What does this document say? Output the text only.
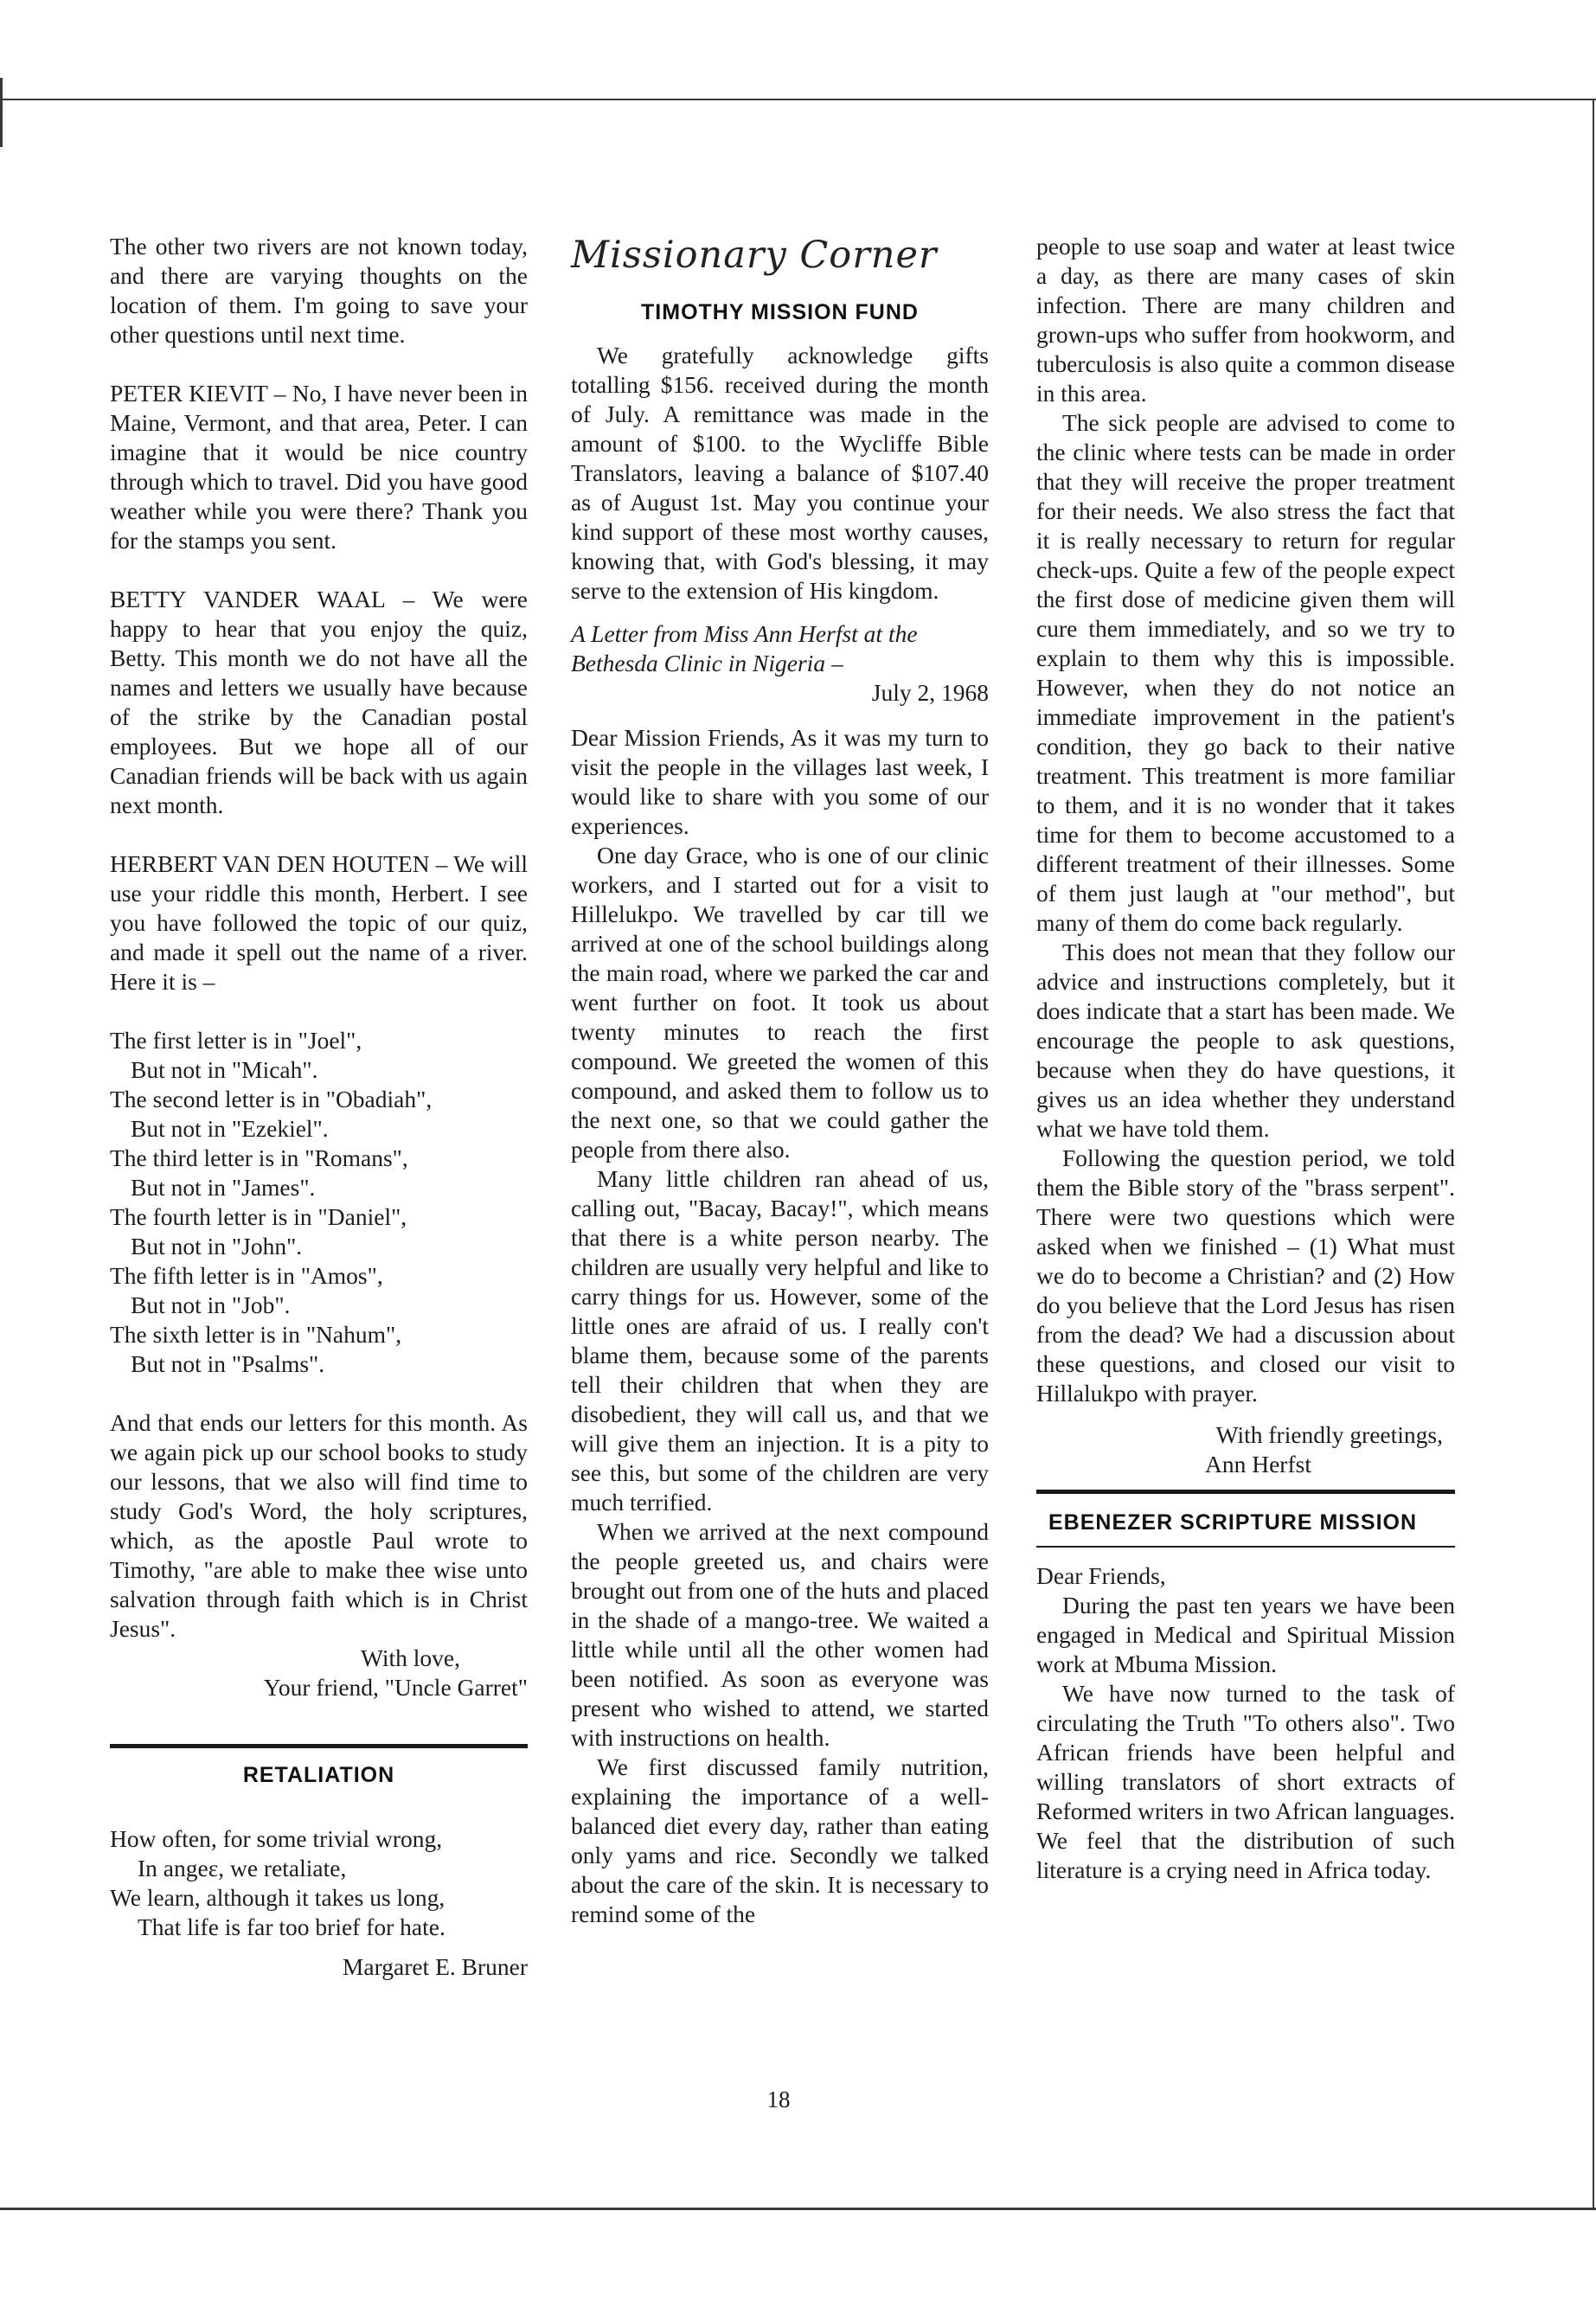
The other two rivers are not known today, and there are varying thoughts on the location of them. I'm going to save your other questions until next time.

PETER KIEVIT – No, I have never been in Maine, Vermont, and that area, Peter. I can imagine that it would be nice country through which to travel. Did you have good weather while you were there? Thank you for the stamps you sent.

BETTY VANDER WAAL – We were happy to hear that you enjoy the quiz, Betty. This month we do not have all the names and letters we usually have because of the strike by the Canadian postal employees. But we hope all of our Canadian friends will be back with us again next month.

HERBERT VAN DEN HOUTEN – We will use your riddle this month, Herbert. I see you have followed the topic of our quiz, and made it spell out the name of a river. Here it is –

The first letter is in "Joel",
But not in "Micah".
The second letter is in "Obadiah",
But not in "Ezekiel".
The third letter is in "Romans",
But not in "James".
The fourth letter is in "Daniel",
But not in "John".
The fifth letter is in "Amos",
But not in "Job".
The sixth letter is in "Nahum",
But not in "Psalms".

And that ends our letters for this month. As we again pick up our school books to study our lessons, that we also will find time to study God's Word, the holy scriptures, which, as the apostle Paul wrote to Timothy, "are able to make thee wise unto salvation through faith which is in Christ Jesus".

With love,

Your friend, "Uncle Garret"

RETALIATION

How often, for some trivial wrong,

In angeɛ, we retaliate,

We learn, although it takes us long,

That life is far too brief for hate.

Margaret E. Bruner

Missionary Corner
TIMOTHY MISSION FUND

We gratefully acknowledge gifts totalling $156. received during the month of July. A remittance was made in the amount of $100. to the Wycliffe Bible Translators, leaving a balance of $107.40 as of August 1st. May you continue your kind support of these most worthy causes, knowing that, with God's blessing, it may serve to the extension of His kingdom.

A Letter from Miss Ann Herfst at the Bethesda Clinic in Nigeria –

July 2, 1968

Dear Mission Friends, As it was my turn to visit the people in the villages last week, I would like to share with you some of our experiences.

One day Grace, who is one of our clinic workers, and I started out for a visit to Hillelukpo. We travelled by car till we arrived at one of the school buildings along the main road, where we parked the car and went further on foot. It took us about twenty minutes to reach the first compound. We greeted the women of this compound, and asked them to follow us to the next one, so that we could gather the people from there also.

Many little children ran ahead of us, calling out, "Bacay, Bacay!", which means that there is a white person nearby. The children are usually very helpful and like to carry things for us. However, some of the little ones are afraid of us. I really con't blame them, because some of the parents tell their children that when they are disobedient, they will call us, and that we will give them an injection. It is a pity to see this, but some of the children are very much terrified.

When we arrived at the next compound the people greeted us, and chairs were brought out from one of the huts and placed in the shade of a mango-tree. We waited a little while until all the other women had been notified. As soon as everyone was present who wished to attend, we started with instructions on health.

We first discussed family nutrition, explaining the importance of a well-balanced diet every day, rather than eating only yams and rice. Secondly we talked about the care of the skin. It is necessary to remind some of the

people to use soap and water at least twice a day, as there are many cases of skin infection. There are many children and grown-ups who suffer from hookworm, and tuberculosis is also quite a common disease in this area.

The sick people are advised to come to the clinic where tests can be made in order that they will receive the proper treatment for their needs. We also stress the fact that it is really necessary to return for regular check-ups. Quite a few of the people expect the first dose of medicine given them will cure them immediately, and so we try to explain to them why this is impossible. However, when they do not notice an immediate improvement in the patient's condition, they go back to their native treatment. This treatment is more familiar to them, and it is no wonder that it takes time for them to become accustomed to a different treatment of their illnesses. Some of them just laugh at "our method", but many of them do come back regularly.

This does not mean that they follow our advice and instructions completely, but it does indicate that a start has been made. We encourage the people to ask questions, because when they do have questions, it gives us an idea whether they understand what we have told them.

Following the question period, we told them the Bible story of the "brass serpent". There were two questions which were asked when we finished – (1) What must we do to become a Christian? and (2) How do you believe that the Lord Jesus has risen from the dead? We had a discussion about these questions, and closed our visit to Hillalukpo with prayer.

With friendly greetings,

Ann Herfst

EBENEZER SCRIPTURE MISSION

Dear Friends,

During the past ten years we have been engaged in Medical and Spiritual Mission work at Mbuma Mission.

We have now turned to the task of circulating the Truth "To others also". Two African friends have been helpful and willing translators of short extracts of Reformed writers in two African languages. We feel that the distribution of such literature is a crying need in Africa today.

18
